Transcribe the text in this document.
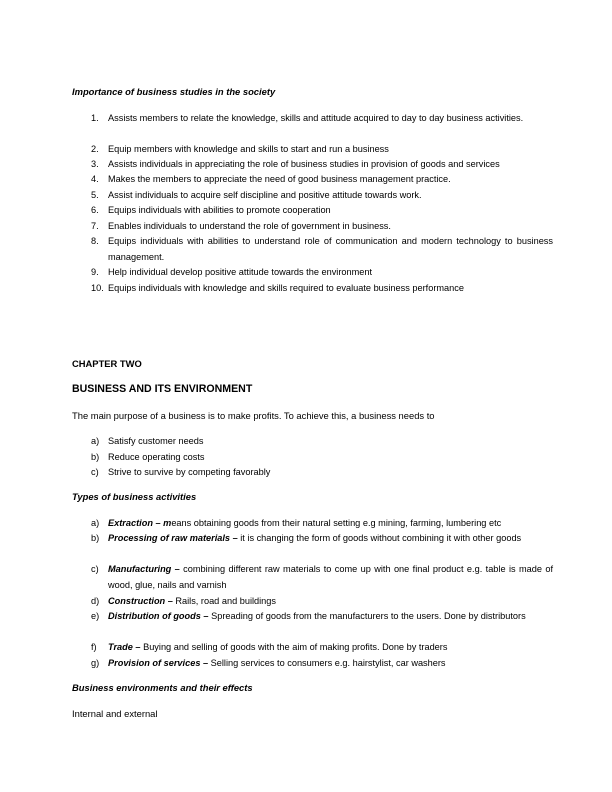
Importance of business studies in the society
1. Assists members to relate the knowledge, skills and attitude acquired to day to day business activities.
2. Equip members with knowledge and skills to start and run a business
3. Assists individuals in appreciating the role of business studies in provision of goods and services
4. Makes the members to appreciate the need of good business management practice.
5. Assist individuals to acquire self discipline and positive attitude towards work.
6. Equips individuals with abilities to promote cooperation
7. Enables individuals to understand the role of government in business.
8. Equips individuals with abilities to understand role of communication and modern technology to business management.
9. Help individual develop positive attitude towards the environment
10. Equips individuals with knowledge and skills required to evaluate business performance
CHAPTER TWO
BUSINESS AND ITS ENVIRONMENT
The main purpose of a business is to make profits. To achieve this, a business needs to
a) Satisfy customer needs
b) Reduce operating costs
c) Strive to survive by competing favorably
Types of business activities
a) Extraction – means obtaining goods from their natural setting e.g mining, farming, lumbering etc
b) Processing of raw materials – it is changing the form of goods without combining it with other goods
c) Manufacturing – combining different raw materials to come up with one final product e.g. table is made of wood, glue, nails and varnish
d) Construction – Rails, road and buildings
e) Distribution of goods – Spreading of goods from the manufacturers to the users. Done by distributors
f) Trade – Buying and selling of goods with the aim of making profits. Done by traders
g) Provision of services – Selling services to consumers e.g. hairstylist, car washers
Business environments and their effects
Internal and external
